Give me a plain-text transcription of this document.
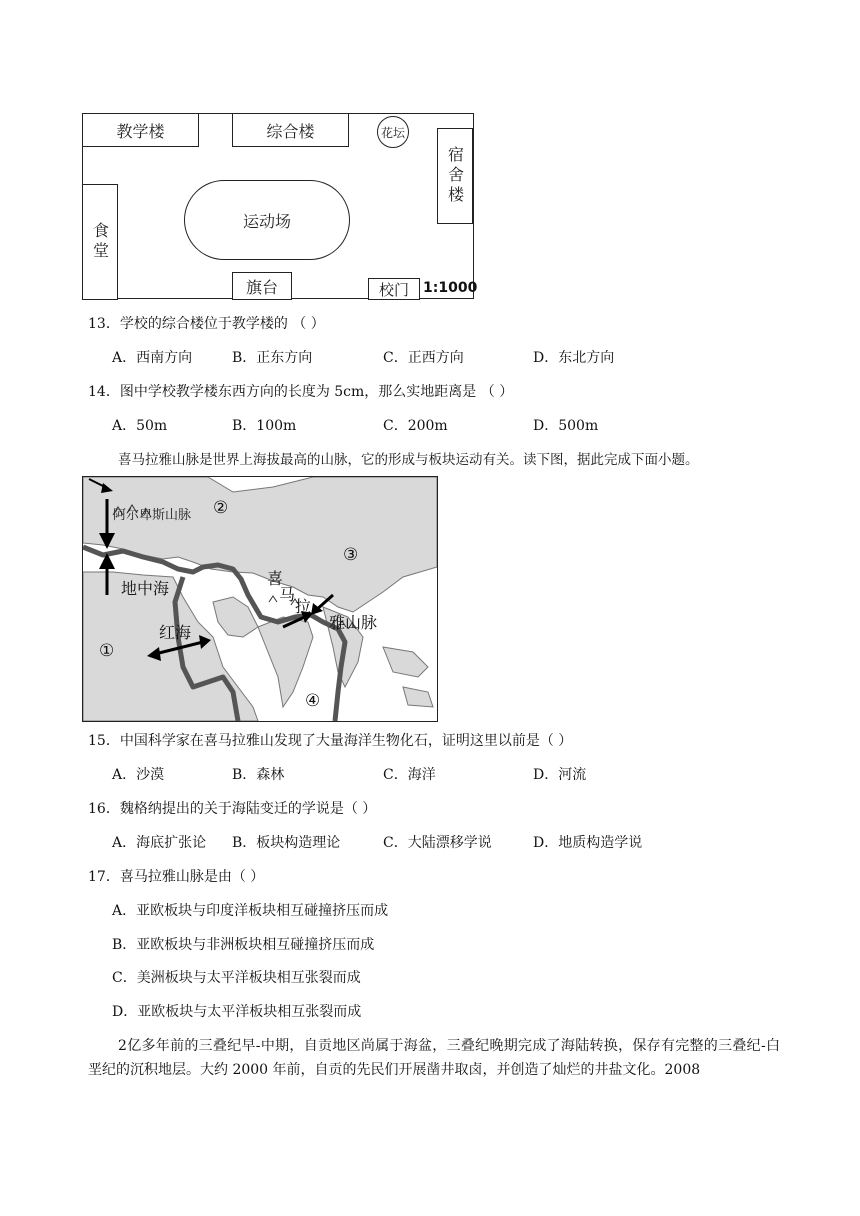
教学楼	综合楼	花坛
宿舍楼
食堂
运动场
旗台	校门	1:1000
13．学校的综合楼位于教学楼的 （ ）
A．西南方向	B．正东方向	C．正西方向	D．东北方向
14．图中学校教学楼东西方向的长度为 5cm，那么实地距离是 （ ）
A．50m	B．100m	C．200m	D．500m
喜马拉雅山脉是世界上海拔最高的山脉，它的形成与板块运动有关。读下图，据此完成下面小题。
阿尔卑斯山脉
地中海
红海
喜
马
拉
雅山脉
①
②
③
④
15．中国科学家在喜马拉雅山发现了大量海洋生物化石，证明这里以前是（ ）
A．沙漠	B．森林	C．海洋	D．河流
16．魏格纳提出的关于海陆变迁的学说是（ ）
A．海底扩张论 B．板块构造理论	C．大陆漂移学说	D．地质构造学说
17．喜马拉雅山脉是由（ ）
A．亚欧板块与印度洋板块相互碰撞挤压而成
B．亚欧板块与非洲板块相互碰撞挤压而成
C．美洲板块与太平洋板块相互张裂而成
D．亚欧板块与太平洋板块相互张裂而成
2亿多年前的三叠纪早-中期，自贡地区尚属于海盆，三叠纪晚期完成了海陆转换，保存有完整的三叠纪-白垩纪的沉积地层。大约 2000 年前，自贡的先民们开展凿井取卤，并创造了灿烂的井盐文化。2008
